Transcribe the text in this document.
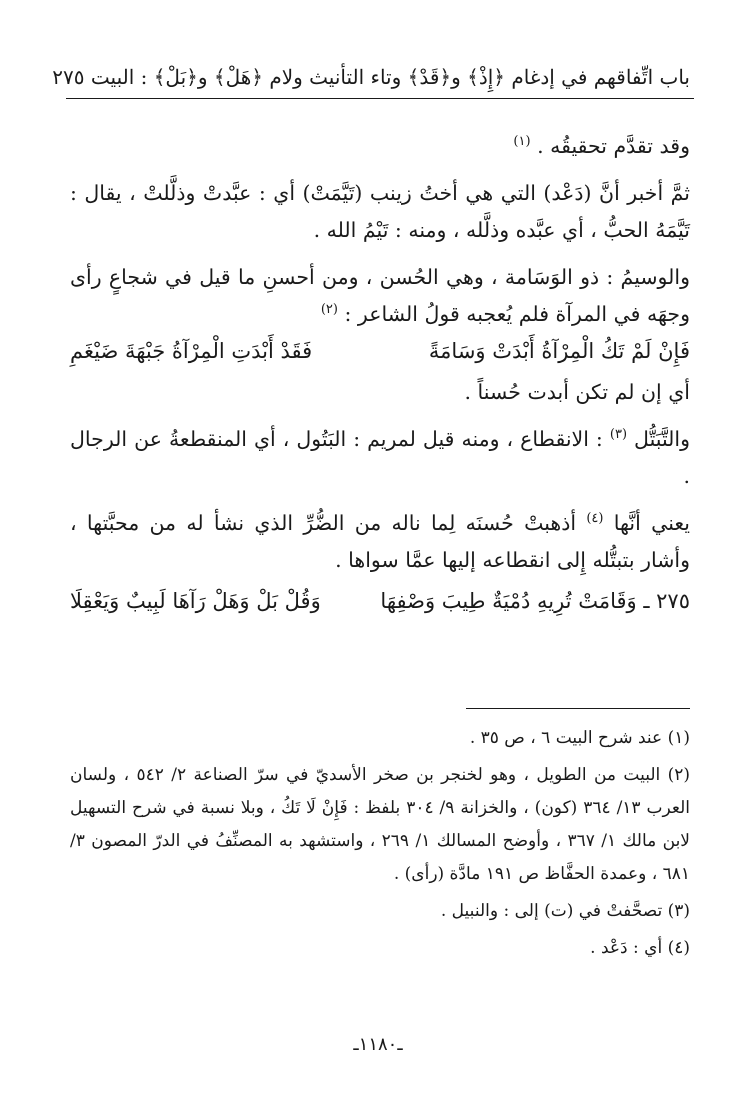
باب اتِّفاقهم في إدغام ﴿إِذْ﴾ و﴿قَدْ﴾ وتاء التأنيث ولام ﴿هَلْ﴾ و﴿بَلْ﴾ : البيت ٢٧٥

وقد تقدَّم تحقيقُه . $^{(١)}$

ثمَّ أخبر أنَّ (دَعْد) التي هي أختُ زينب (تَيَّمَتْ) أي : عبَّدتْ وذلَّلتْ ، يقال : تَيَّمَهُ الحبُّ ، أي عبَّده وذلَّله ، ومنه : تَيْمُ الله .

والوسيمُ : ذو الوَسَامة ، وهي الحُسن ، ومن أحسنِ ما قيل في شجاعٍ رأى وجهَه في المرآة فلم يُعجبه قولُ الشاعر : $^{(٢)}$

فَإِنْ لَمْ تَكُ الْمِرْآةُ أَبْدَتْ وَسَامَةً
فَقَدْ أَبْدَتِ الْمِرْآةُ جَبْهَةَ ضَيْغَمِ

أي إن لم تكن أبدت حُسناً .

والتَّبَتُّل $^{(٣)}$ : الانقطاع ، ومنه قيل لمريم : البَتُول ، أي المنقطعةُ عن الرجال .

يعني أنَّها $^{(٤)}$ أذهبتْ حُسنَه لِما ناله من الضُّرِّ الذي نشأ له من محبَّتها ، وأشار بتبتُّله إِلى انقطاعه إليها عمَّا سواها .

٢٧٥ ـ وَقَامَتْ تُرِيهِ دُمْيَةٌ طِيبَ وَصْفِهَا
وَقُلْ بَلْ وَهَلْ رَآهَا لَبِيبٌ وَيَعْقِلَا

(١) عند شرح البيت ٦ ، ص ٣٥ .

(٢) البيت من الطويل ، وهو لخنجر بن صخر الأسديّ في سرّ الصناعة ٢/ ٥٤٢ ، ولسان العرب ١٣/ ٣٦٤ (كون) ، والخزانة ٩/ ٣٠٤ بلفظ : فَإِنْ لَا تَكُ ، وبلا نسبة في شرح التسهيل لابن مالك ١/ ٣٦٧ ، وأوضح المسالك ١/ ٢٦٩ ، واستشهد به المصنِّفُ في الدرّ المصون ٣/ ٦٨١ ، وعمدة الحفَّاظ ص ١٩١ مادَّة (رأى) .

(٣) تصحَّفتْ في (ت) إلى : والنبيل .

(٤) أي : دَعْد .

ـ١١٨٠ـ
